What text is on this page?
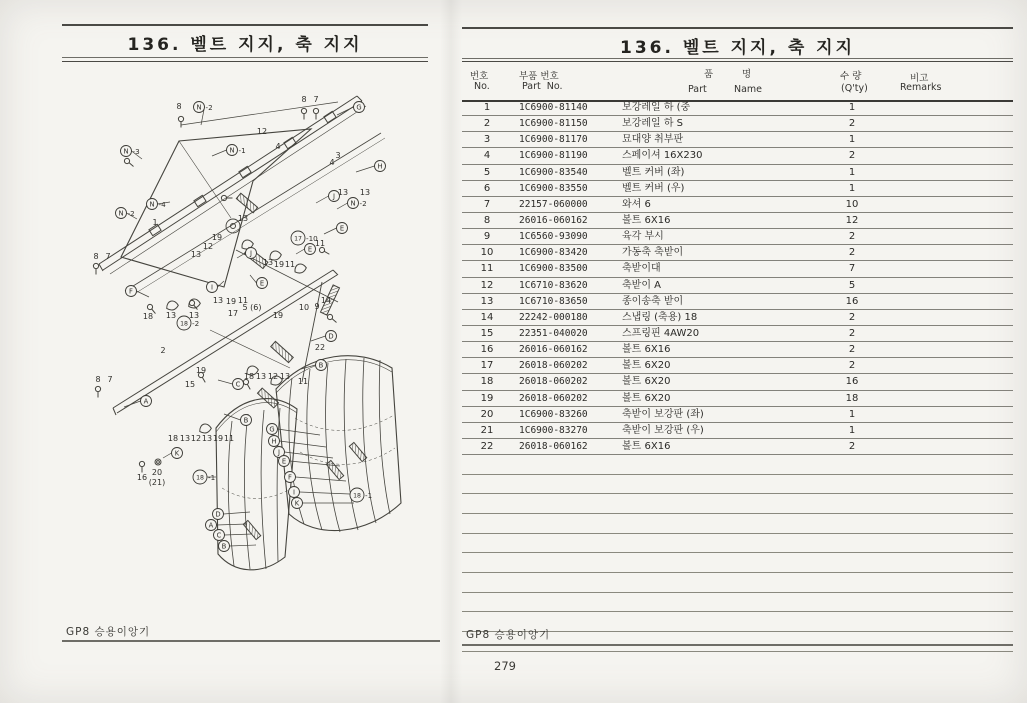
136. 벨트 지지, 축 지지
N -2	G
N -3	N -1
H
J
N -2
N -4
N -2
E
17 -10
J	E
I	E
F
D
B
18 -2
A
C
B
K
18 -1
G
H
J
E
F
I
K
18 -1
D
A
C
B
8
8 7
12
4
3
4
13 13
8 7
1	13
19
12
13
13 19 11
11
13 19 11
5 (6)
17	19
10 9
14
22
18 13 13
2
8 7
19
15
18 13 12 13
11
18 13 12 13 19 11
16
20
(21)
GP8 승용이앙기
136. 벨트 지지, 축 지지
번호
No.
부품 번호
Part  No.
품	명
Part	Name
수 량
(Q'ty)
비고
Remarks
1	1C6900-81140	보강레일 하 (중	1
2	1C6900-81150	보강레일 하 S	2
3	1C6900-81170	묘대양 취부판	1
4	1C6900-81190	스페이셔 16X230	2
5	1C6900-83540	벨트 커버 (좌)	1
6	1C6900-83550	벨트 커버 (우)	1
7	22157-060000	와셔 6	10
8	26016-060162	볼트 6X16	12
9	1C6560-93090	육각 부시	2
10	1C6900-83420	가동축 축받이	2
11	1C6900-83500	축받이대	7
12	1C6710-83620	축받이 A	5
13	1C6710-83650	종이송축 받이	16
14	22242-000180	스냅링 (축용) 18	2
15	22351-040020	스프링핀 4AW20	2
16	26016-060162	볼트 6X16	2
17	26018-060202	볼트 6X20	2
18	26018-060202	볼트 6X20	16
19	26018-060202	볼트 6X20	18
20	1C6900-83260	축받이 보강판 (좌)	1
21	1C6900-83270	축받이 보강판 (우)	1
22	26018-060162	볼트 6X16	2
GP8 승용이앙기
279
